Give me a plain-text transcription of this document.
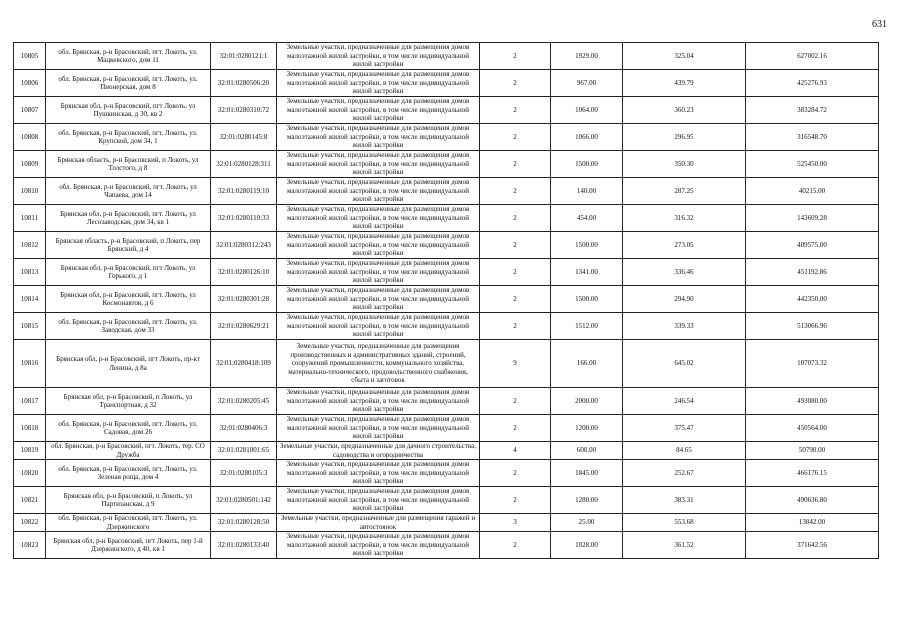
631
10805	обл. Брянская, р-н Брасовский, пгт. Локоть, ул. Мацкевского, дом 11	32:01:0280121:1	Земельные участки, предназначенные для размещения домов малоэтажной жилой застройки, в том числе индивидуальной жилой застройки	2	1929.00	325.04	627002.16
10806	обл. Брянская, р-н Брасовский, пгт. Локоть, ул. Пионерская, дом 8	32:01:0280506:20	Земельные участки, предназначенные для размещения домов малоэтажной жилой застройки, в том числе индивидуальной жилой застройки	2	967.00	439.79	425276.93
10807	Брянская обл, р-н Брасовский, пгт Локоть, ул Пушкинская, д 30, кв 2	32:01:0280310:72	Земельные участки, предназначенные для размещения домов малоэтажной жилой застройки, в том числе индивидуальной жилой застройки	2	1064.00	360.23	383284.72
10808	обл. Брянская, р-н Брасовский, пгт. Локоть, ул. Крупской, дом 34, 1	32:01:0280145:8	Земельные участки, предназначенные для размещения домов малоэтажной жилой застройки, в том числе индивидуальной жилой застройки	2	1066.00	296.95	316548.70
10809	Брянская область, р-н Брасовский, п Локоть, ул Толстого, д 8	32:01:0280128:311	Земельные участки, предназначенные для размещения домов малоэтажной жилой застройки, в том числе индивидуальной жилой застройки	2	1500.00	350.30	525450.00
10810	обл. Брянская, р-н Брасовский, пгт. Локоть, ул Чапаева, дом 14	32:01:0280119:10	Земельные участки, предназначенные для размещения домов малоэтажной жилой застройки, в том числе индивидуальной жилой застройки	2	140.00	287.25	40215.00
10811	Брянская обл, р-н Брасовский, пгт. Локоть, ул Лесозаводская, дом 34, кв 1	32:01:0280110:33	Земельные участки, предназначенные для размещения домов малоэтажной жилой застройки, в том числе индивидуальной жилой застройки	2	454.00	316.32	143609.28
10812	Брянская область, р-н Брасовский, п Локоть, пер Брянский, д 4	32:01:0280312:243	Земельные участки, предназначенные для размещения домов малоэтажной жилой застройки, в том числе индивидуальной жилой застройки	2	1500.00	273.05	409575.00
10813	Брянская обл, р-н Брасовский, пгт Локоть, ул Горького, д 1	32:01:0280126:10	Земельные участки, предназначенные для размещения домов малоэтажной жилой застройки, в том числе индивидуальной жилой застройки	2	1341.00	336.46	451192.86
10814	Брянская обл, р-н Брасовский, пгт. Локоть, ул Космонавтов, д 6	32:01:0280301:28	Земельные участки, предназначенные для размещения домов малоэтажной жилой застройки, в том числе индивидуальной жилой застройки	2	1500.00	294.90	442350.00
10815	обл. Брянская, р-н Брасовский, пгт. Локоть, ул. Заводская, дом 33	32:01:0280629:21	Земельные участки, предназначенные для размещения домов малоэтажной жилой застройки, в том числе индивидуальной жилой застройки	2	1512.00	339.33	513066.96
10816	Брянская обл, р-н Брасовский, пгт Локоть, пр-кт Ленина, д 8а	32:01:0280418:109	Земельные участки, предназначенные для размещения производственных и административных зданий, строений, сооружений промышленности, коммунального хозяйства, материально-технического, продовольственного снабжения, сбыта и заготовок	9	166.00	645.02	107073.32
10817	Брянская обл, р-н Брасовский, п Локоть, ул Транспортная, д 32	32:01:0280205:45	Земельные участки, предназначенные для размещения домов малоэтажной жилой застройки, в том числе индивидуальной жилой застройки	2	2000.00	246.54	493080.00
10818	обл. Брянская, р-н Брасовский, пгт. Локоть, ул. Садовая, дом 26	32:01:0280406:3	Земельные участки, предназначенные для размещения домов малоэтажной жилой застройки, в том числе индивидуальной жилой застройки	2	1200.00	375.47	450564.00
10819	обл. Брянская, р-н Брасовский, пгт. Локоть, тер. СО Дружба	32:01:0281001:65	Земельные участки, предназначенные для дачного строительства, садоводства и огородничества	4	600.00	84.65	50790.00
10820	обл. Брянская, р-н Брасовский, пгт. Локоть, ул. Зеленая роща, дом 4	32:01:0280105:3	Земельные участки, предназначенные для размещения домов малоэтажной жилой застройки, в том числе индивидуальной жилой застройки	2	1845.00	252.67	466176.15
10821	Брянская обл, р-н Брасовский, п Локоть, ул Партизанская, д 9	32:01:0280501:142	Земельные участки, предназначенные для размещения домов малоэтажной жилой застройки, в том числе индивидуальной жилой застройки	2	1280.00	383.31	490636.80
10822	обл. Брянская, р-н Брасовский, пгт. Локоть, ул. Дзержинского	32:01:0280128:50	Земельные участки, предназначенные для размещения гаражей и автостоянок	3	25.00	553.68	13842.00
10823	Брянская обл, р-н Брасовский, пгт Локоть, пер 1-й Дзержинского, д 40, кв 1	32:01:0280133:40	Земельные участки, предназначенные для размещения домов малоэтажной жилой застройки, в том числе индивидуальной жилой застройки	2	1028.00	361.52	371642.56
